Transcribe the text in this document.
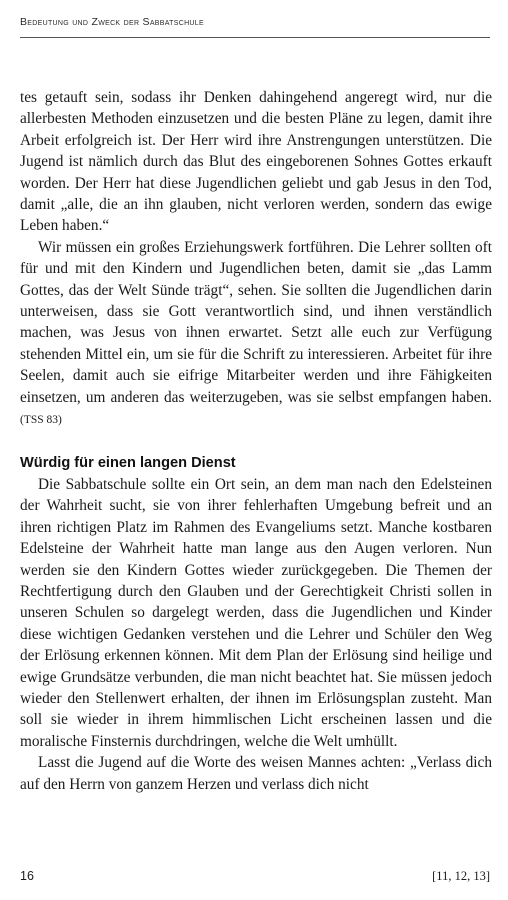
Bedeutung und Zweck der Sabbatschule

tes getauft sein, sodass ihr Denken dahingehend angeregt wird, nur die allerbesten Methoden einzusetzen und die besten Pläne zu legen, damit ihre Arbeit erfolgreich ist. Der Herr wird ihre Anstrengungen unterstützen. Die Jugend ist nämlich durch das Blut des eingeborenen Sohnes Gottes erkauft worden. Der Herr hat diese Jugendlichen geliebt und gab Jesus in den Tod, damit „alle, die an ihn glauben, nicht verloren werden, sondern das ewige Leben haben.“

Wir müssen ein großes Erziehungswerk fortführen. Die Lehrer sollten oft für und mit den Kindern und Jugendlichen beten, damit sie „das Lamm Gottes, das der Welt Sünde trägt“, sehen. Sie sollten die Jugendlichen darin unterweisen, dass sie Gott verantwortlich sind, und ihnen verständlich machen, was Jesus von ihnen erwartet. Setzt alle euch zur Verfügung stehenden Mittel ein, um sie für die Schrift zu interessieren. Arbeitet für ihre Seelen, damit auch sie eifrige Mitarbeiter werden und ihre Fähigkeiten einsetzen, um anderen das weiterzugeben, was sie selbst empfangen haben. (TSS 83)

Würdig für einen langen Dienst

Die Sabbatschule sollte ein Ort sein, an dem man nach den Edelsteinen der Wahrheit sucht, sie von ihrer fehlerhaften Umgebung befreit und an ihren richtigen Platz im Rahmen des Evangeliums setzt. Manche kostbaren Edelsteine der Wahrheit hatte man lange aus den Augen verloren. Nun werden sie den Kindern Gottes wieder zurückgegeben. Die Themen der Rechtfertigung durch den Glauben und der Gerechtigkeit Christi sollen in unseren Schulen so dargelegt werden, dass die Jugendlichen und Kinder diese wichtigen Gedanken verstehen und die Lehrer und Schüler den Weg der Erlösung erkennen können. Mit dem Plan der Erlösung sind heilige und ewige Grundsätze verbunden, die man nicht beachtet hat. Sie müssen jedoch wieder den Stellenwert erhalten, der ihnen im Erlösungsplan zusteht. Man soll sie wieder in ihrem himmlischen Licht erscheinen lassen und die moralische Finsternis durchdringen, welche die Welt umhüllt.

Lasst die Jugend auf die Worte des weisen Mannes achten: „Verlass dich auf den Herrn von ganzem Herzen und verlass dich nicht

16	[11, 12, 13]
